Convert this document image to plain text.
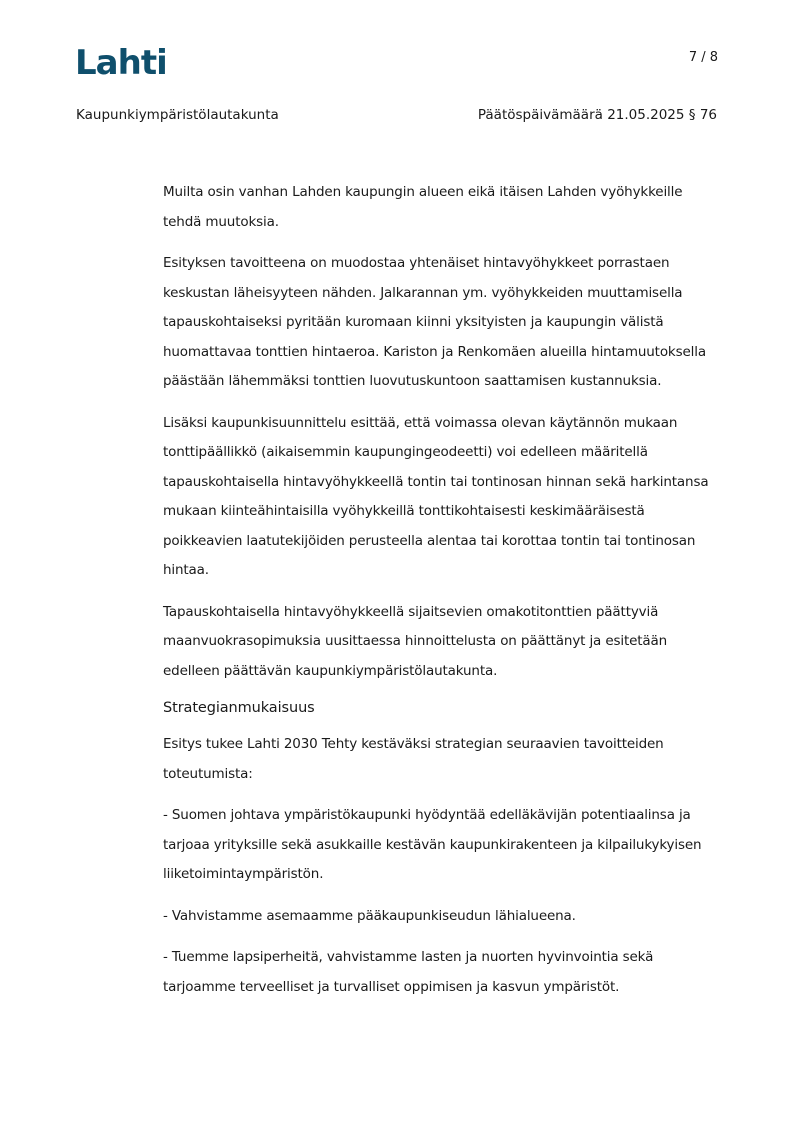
Lahti	7 / 8
Kaupunkiympäristölautakunta	Päätöspäivämäärä 21.05.2025 § 76

Muilta osin vanhan Lahden kaupungin alueen eikä itäisen Lahden vyöhykkeille tehdä muutoksia.

Esityksen tavoitteena on muodostaa yhtenäiset hintavyöhykkeet porrastaen keskustan läheisyyteen nähden. Jalkarannan ym. vyöhykkeiden muuttamisella tapauskohtaiseksi pyritään kuromaan kiinni yksityisten ja kaupungin välistä huomattavaa tonttien hintaeroa. Kariston ja Renkomäen alueilla hintamuutoksella päästään lähemmäksi tonttien luovutuskuntoon saattamisen kustannuksia.

Lisäksi kaupunkisuunnittelu esittää, että voimassa olevan käytännön mukaan tonttipäällikkö (aikaisemmin kaupungingeodeetti) voi edelleen määritellä tapauskohtaisella hintavyöhykkeellä tontin tai tontinosan hinnan sekä harkintansa mukaan kiinteähintaisilla vyöhykkeillä tonttikohtaisesti keskimääräisestä poikkeavien laatutekijöiden perusteella alentaa tai korottaa tontin tai tontinosan hintaa.

Tapauskohtaisella hintavyöhykkeellä sijaitsevien omakotitonttien päättyviä maanvuokrasopimuksia uusittaessa hinnoittelusta on päättänyt ja esitetään edelleen päättävän kaupunkiympäristölautakunta.

Strategianmukaisuus

Esitys tukee Lahti 2030 Tehty kestäväksi strategian seuraavien tavoitteiden toteutumista:

- Suomen johtava ympäristökaupunki hyödyntää edelläkävijän potentiaalinsa ja tarjoaa yrityksille sekä asukkaille kestävän kaupunkirakenteen ja kilpailukykyisen liiketoimintaympäristön.

- Vahvistamme asemaamme pääkaupunkiseudun lähialueena.

- Tuemme lapsiperheitä, vahvistamme lasten ja nuorten hyvinvointia sekä tarjoamme terveelliset ja turvalliset oppimisen ja kasvun ympäristöt.
